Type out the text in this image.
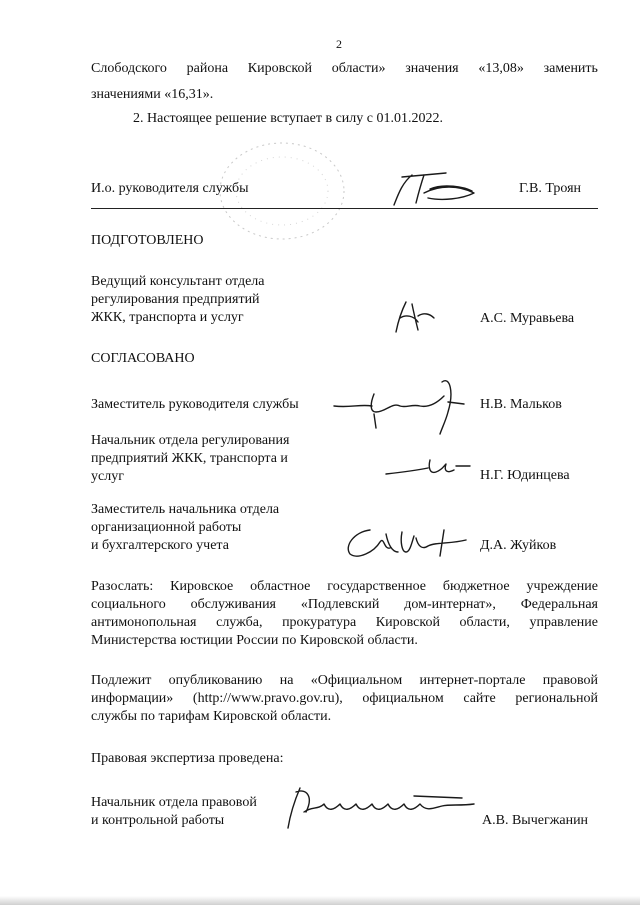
2
Слободского района Кировской области» значения «13,08» заменить
значениями «16,31».
2. Настоящее решение вступает в силу с 01.01.2022.
И.о. руководителя службы	Г.В. Троян
ПОДГОТОВЛЕНО
Ведущий консультант отдела
регулирования предприятий
ЖКК, транспорта и услуг	А.С. Муравьева
СОГЛАСОВАНО
Заместитель руководителя службы	Н.В. Мальков
Начальник отдела регулирования
предприятий ЖКК, транспорта и
услуг	Н.Г. Юдинцева
Заместитель начальника отдела
организационной работы
и бухгалтерского учета	Д.А. Жуйков
Разослать: Кировское областное государственное бюджетное учреждение
социального обслуживания «Подлевский дом-интернат», Федеральная
антимонопольная служба, прокуратура Кировской области, управление
Министерства юстиции России по Кировской области.
Подлежит опубликованию на «Официальном интернет-портале правовой
информации» (http://www.pravo.gov.ru), официальном сайте региональной
службы по тарифам Кировской области.
Правовая экспертиза проведена:
Начальник отдела правовой
и контрольной работы	А.В. Вычегжанин
